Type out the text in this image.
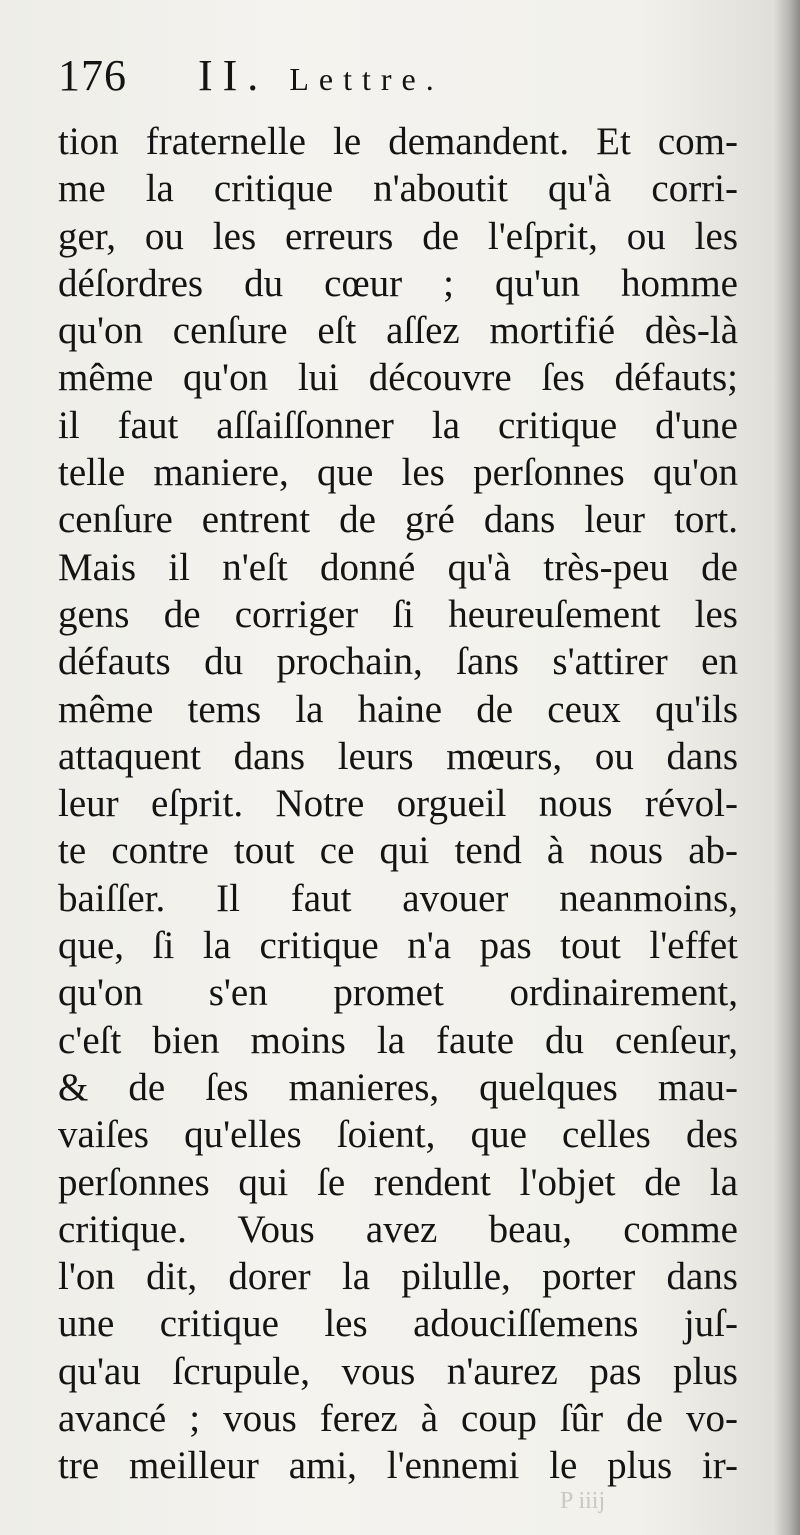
176 II. Lettre.
tion fraternelle le demandent. Et com-
me la critique n'aboutit qu'à corri-
ger, ou les erreurs de l'eſprit, ou les
déſordres du cœur ; qu'un homme
qu'on cenſure eſt aſſez mortifié dès-là
même qu'on lui découvre ſes défauts;
il faut aſſaiſſonner la critique d'une
telle maniere, que les perſonnes qu'on
cenſure entrent de gré dans leur tort.
Mais il n'eſt donné qu'à très-peu de
gens de corriger ſi heureuſement les
défauts du prochain, ſans s'attirer en
même tems la haine de ceux qu'ils
attaquent dans leurs mœurs, ou dans
leur eſprit. Notre orgueil nous révol-
te contre tout ce qui tend à nous ab-
baiſſer. Il faut avouer neanmoins,
que, ſi la critique n'a pas tout l'effet
qu'on s'en promet ordinairement,
c'eſt bien moins la faute du cenſeur,
& de ſes manieres, quelques mau-
vaiſes qu'elles ſoient, que celles des
perſonnes qui ſe rendent l'objet de la
critique. Vous avez beau, comme
l'on dit, dorer la pilulle, porter dans
une critique les adouciſſemens juſ-
qu'au ſcrupule, vous n'aurez pas plus
avancé ; vous ferez à coup ſûr de vo-
tre meilleur ami, l'ennemi le plus ir-
P iiij
